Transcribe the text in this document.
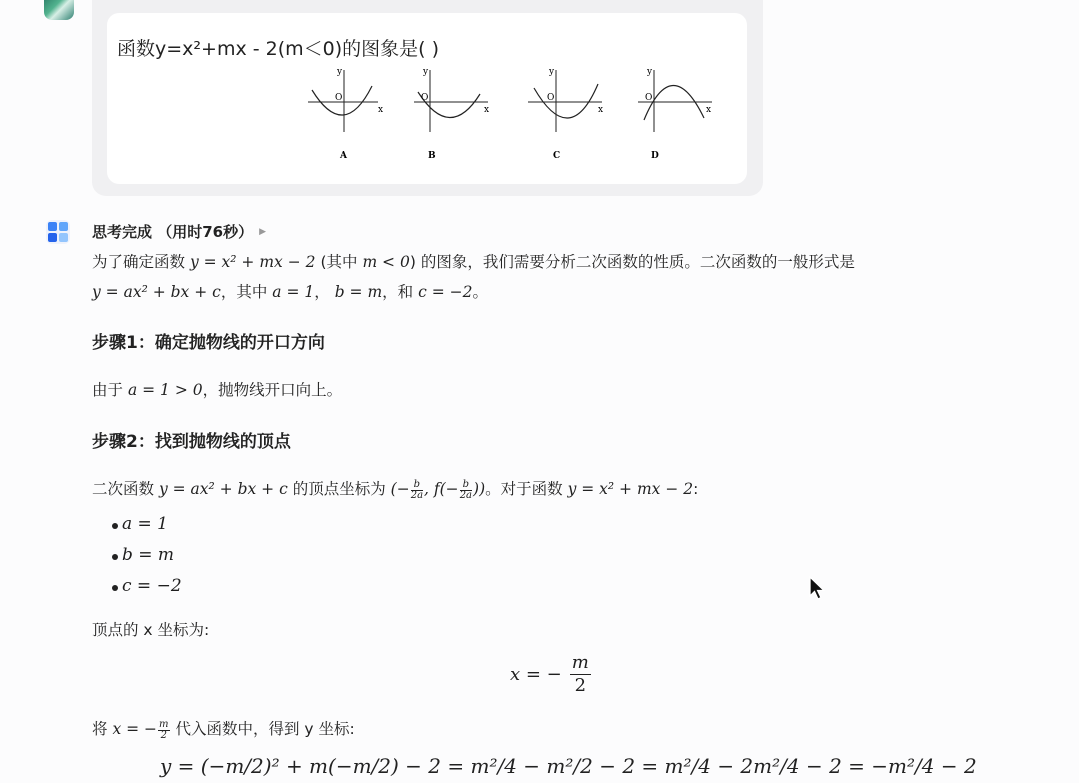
函数y=x²+mx - 2(m＜0)的图象是( )
y
x
O
A
y
x
O
B
y
x
O
C
y
x
O
D
思考完成 （用时76秒） ▶
为了确定函数 y = x² + mx − 2 (其中 m < 0) 的图象，我们需要分析二次函数的性质。二次函数的一般形式是
y = ax² + bx + c，其中 a = 1， b = m，和 c = −2。
步骤1：确定抛物线的开口方向
由于 a = 1 > 0，抛物线开口向上。
步骤2：找到抛物线的顶点
二次函数 y = ax² + bx + c 的顶点坐标为 (− $\frac{b}{2a}$ , $f(- \frac{b}{2a}$ ))。对于函数 y = x² + mx − 2:
a = 1
b = m
c = −2
顶点的 x 坐标为:
x = − $\frac{m}{2}$
将 x = − $\frac{m}{2}$ 代入函数中，得到 y 坐标:
y = (−m/2)² + m(−m/2) − 2 = m²/4 − m²/2 − 2 = m²/4 − 2m²/4 − 2 = −m²/4 − 2
